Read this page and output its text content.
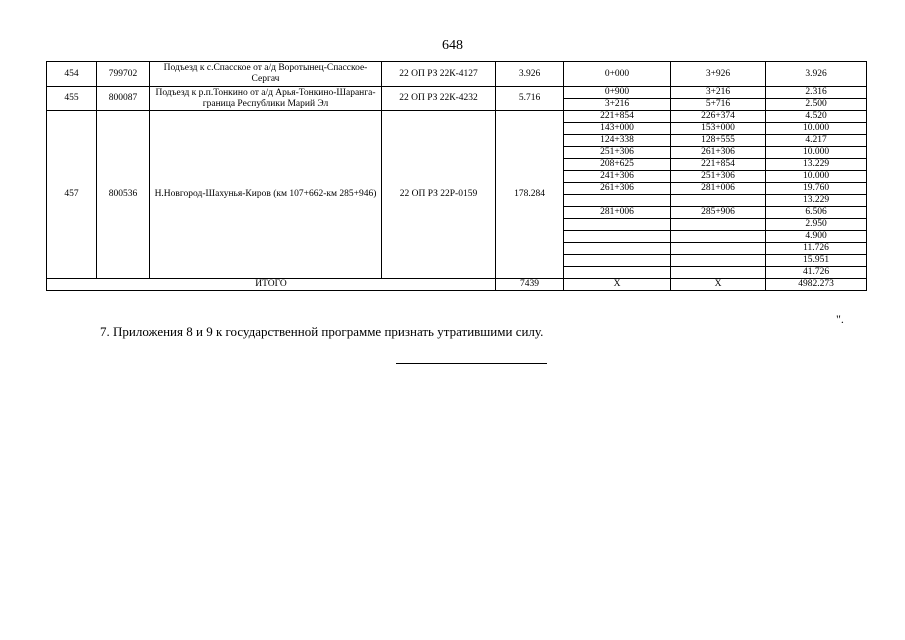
648
454	799702	Подъезд к с.Спасское от а/д Воротынец-Спасское-Сергач	22 ОП РЗ 22К-4127	3.926	0+000	3+926	3.926
455	800087	Подъезд к р.п.Тонкино от а/д Арья-Тонкино-Шаранга-граница Республики Марий Эл	22 ОП РЗ 22К-4232	5.716	0+900	3+216	2.316
					3+216	5+716	2.500
457	800536	Н.Новгород-Шахунья-Киров (км 107+662-км 285+946)	22 ОП РЗ 22Р-0159	178.284	221+854	226+374	4.520
					143+000	153+000	10.000
					124+338	128+555	4.217
					251+306	261+306	10.000
					208+625	221+854	13.229
					241+306	251+306	10.000
					261+306	281+006	19.760
							13.229
					281+006	285+906	6.506
							2.950
							4.900
							11.726
							15.951
							41.726
ИТОГО				7439	X	X	4982.273
".
7. Приложения 8 и 9 к государственной программе признать утратившими силу.
